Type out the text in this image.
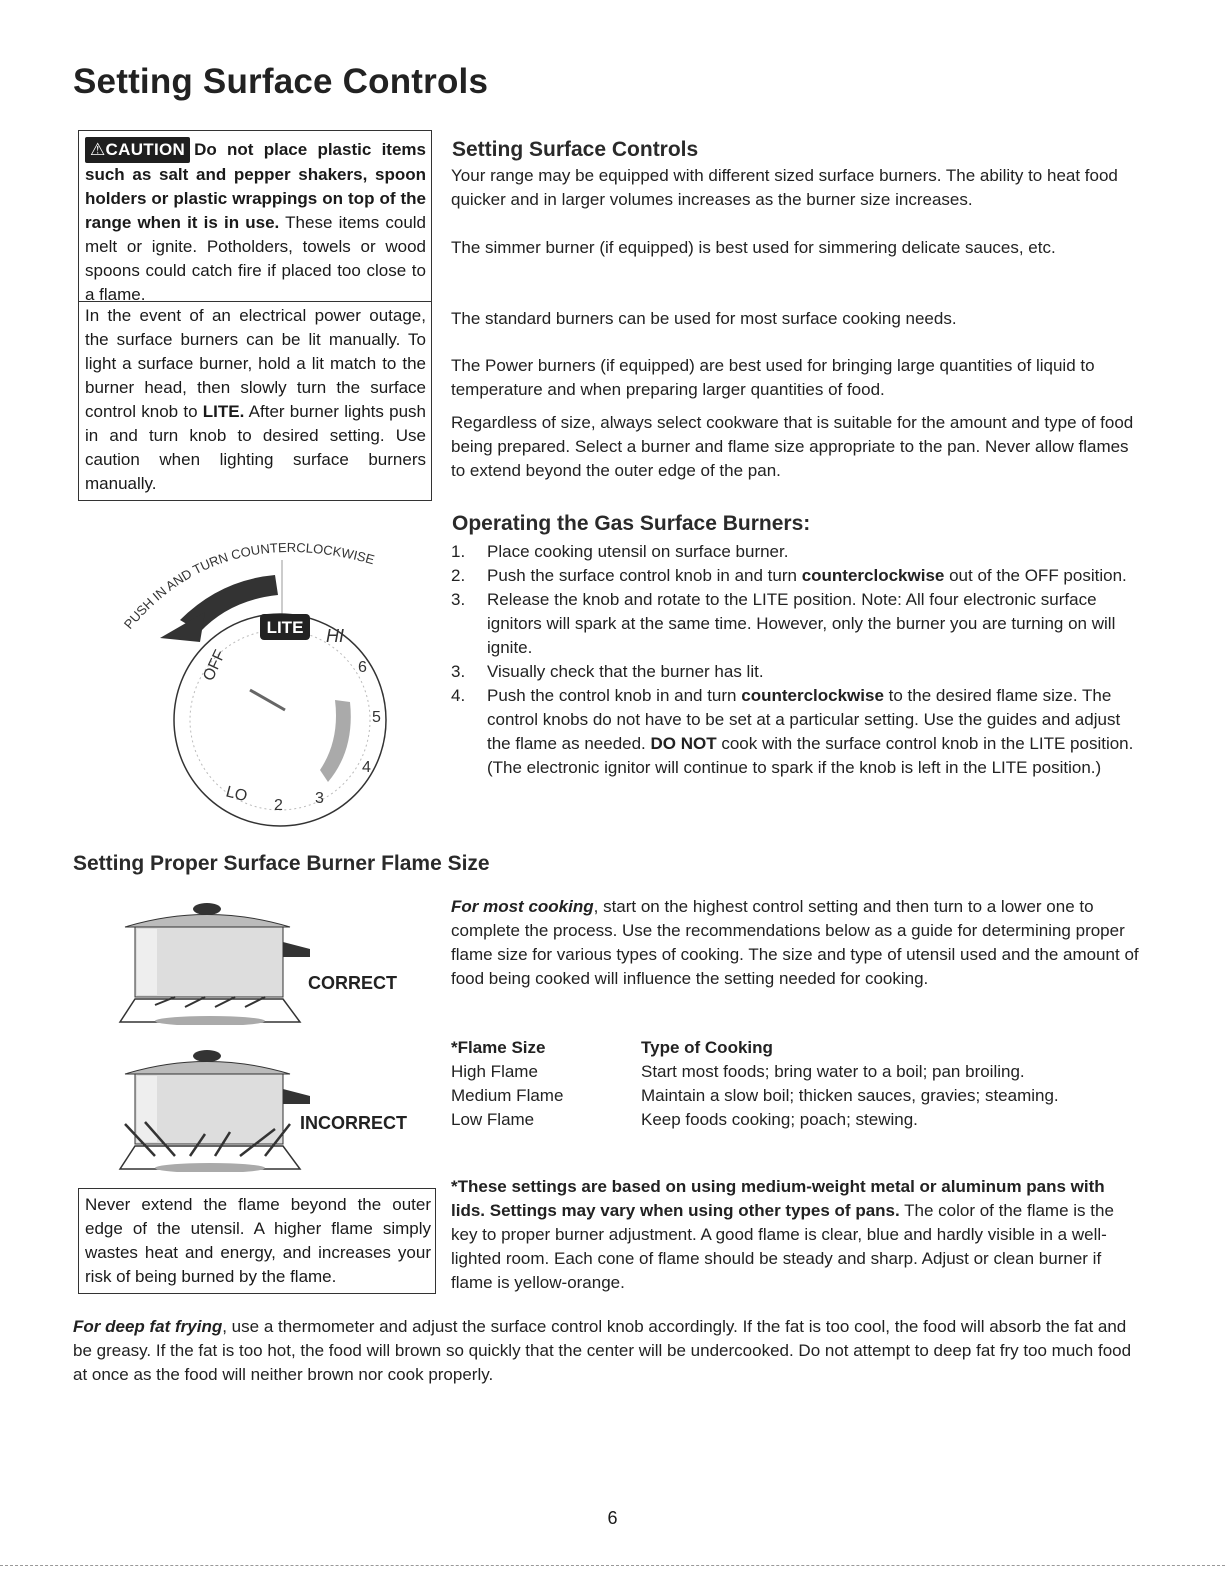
Setting Surface Controls
⚠CAUTION Do not place plastic items such as salt and pepper shakers, spoon holders or plastic wrappings on top of the range when it is in use. These items could melt or ignite. Potholders, towels or wood spoons could catch fire if placed too close to a flame.
In the event of an electrical power outage, the surface burners can be lit manually. To light a surface burner, hold a lit match to the burner head, then slowly turn the surface control knob to LITE. After burner lights push in and turn knob to desired setting. Use caution when lighting surface burners manually.
Setting Surface Controls

Your range may be equipped with different sized surface burners. The ability to heat food quicker and in larger volumes increases as the burner size increases.

The simmer burner (if equipped) is best used for simmering delicate sauces, etc.

The standard burners can be used for most surface cooking needs.

The Power burners (if equipped) are best used for bringing large quantities of liquid to temperature and when preparing larger quantities of food.

Regardless of size, always select cookware that is suitable for the amount and type of food being prepared. Select a burner and flame size appropriate to the pan. Never allow flames to extend beyond the outer edge of the pan.

PUSH IN AND TURN COUNTERCLOCKWISE
LITE HI
OFF	6
5
4
3
2
LO
Operating the Gas Surface Burners:
1. Place cooking utensil on surface burner.
2. Push the surface control knob in and turn counterclockwise out of the OFF position.
3. Release the knob and rotate to the LITE position. Note: All four electronic surface ignitors will spark at the same time. However, only the burner you are turning on will ignite.
3. Visually check that the burner has lit.
4. Push the control knob in and turn counterclockwise to the desired flame size. The control knobs do not have to be set at a particular setting. Use the guides and adjust the flame as needed. DO NOT cook with the surface control knob in the LITE position. (The electronic ignitor will continue to spark if the knob is left in the LITE position.)
Setting Proper Surface Burner Flame Size
CORRECT
INCORRECT

For most cooking, start on the highest control setting and then turn to a lower one to complete the process. Use the recommendations below as a guide for determining proper flame size for various types of cooking. The size and type of utensil used and the amount of food being cooked will influence the setting needed for cooking.

*Flame Size	Type of Cooking
High Flame	Start most foods; bring water to a boil; pan broiling.
Medium Flame	Maintain a slow boil; thicken sauces, gravies; steaming.
Low Flame	Keep foods cooking; poach; stewing.
Never extend the flame beyond the outer edge of the utensil. A higher flame simply wastes heat and energy, and increases your risk of being burned by the flame.

*These settings are based on using medium-weight metal or aluminum pans with lids. Settings may vary when using other types of pans. The color of the flame is the key to proper burner adjustment. A good flame is clear, blue and hardly visible in a well-lighted room. Each cone of flame should be steady and sharp. Adjust or clean burner if flame is yellow-orange.

For deep fat frying, use a thermometer and adjust the surface control knob accordingly. If the fat is too cool, the food will absorb the fat and be greasy. If the fat is too hot, the food will brown so quickly that the center will be undercooked. Do not attempt to deep fat fry too much food at once as the food will neither brown nor cook properly.

6
